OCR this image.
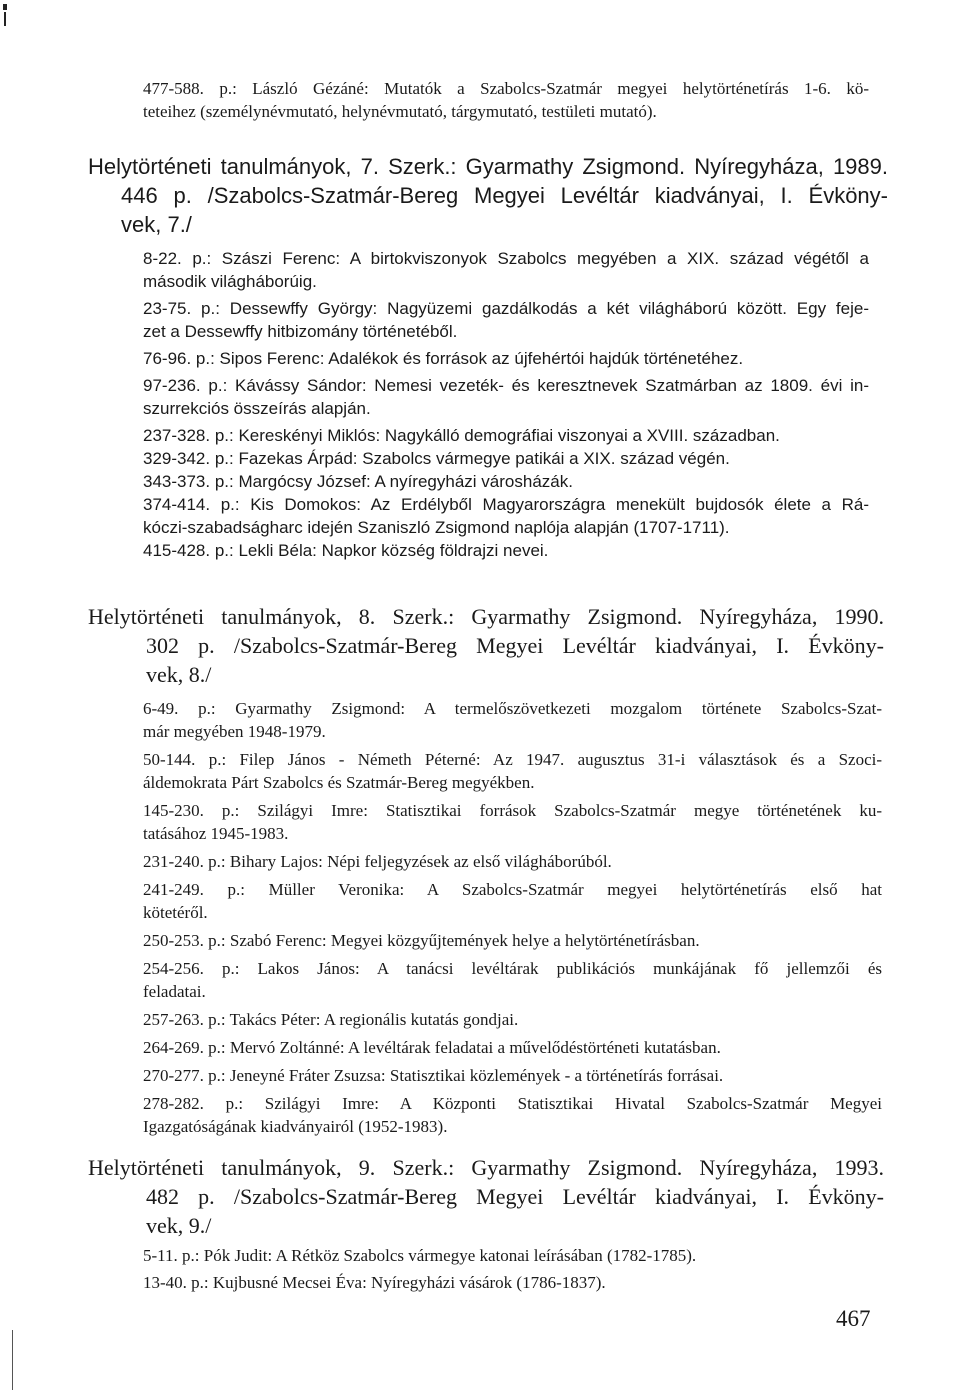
477-588. p.: László Gézáné: Mutatók a Szabolcs-Szatmár megyei helytörténetírás 1-6. kö-
teteihez (személynévmutató, helynévmutató, tárgymutató, testületi mutató).
Helytörténeti tanulmányok, 7. Szerk.: Gyarmathy Zsigmond. Nyíregyháza, 1989.
446 p. /Szabolcs-Szatmár-Bereg Megyei Levéltár kiadványai, I. Évköny-
vek, 7./
8-22. p.: Szászi Ferenc: A birtokviszonyok Szabolcs megyében a XIX. század végétől a
második világháborúig.
23-75. p.: Dessewffy György: Nagyüzemi gazdálkodás a két világháború között. Egy feje-
zet a Dessewffy hitbizomány történetéből.
76-96. p.: Sipos Ferenc: Adalékok és források az újfehértói hajdúk történetéhez.
97-236. p.: Kávássy Sándor: Nemesi vezeték- és keresztnevek Szatmárban az 1809. évi in-
szurrekciós összeírás alapján.
237-328. p.: Kereskényi Miklós: Nagykálló demográfiai viszonyai a XVIII. században.
329-342. p.: Fazekas Árpád: Szabolcs vármegye patikái a XIX. század végén.
343-373. p.: Margócsy József: A nyíregyházi városházák.
374-414. p.: Kis Domokos: Az Erdélyből Magyarországra menekült bujdosók élete a Rá-
kóczi-szabadságharc idején Szaniszló Zsigmond naplója alapján (1707-1711).
415-428. p.: Lekli Béla: Napkor község földrajzi nevei.
Helytörténeti tanulmányok, 8. Szerk.: Gyarmathy Zsigmond. Nyíregyháza, 1990.
302 p. /Szabolcs-Szatmár-Bereg Megyei Levéltár kiadványai, I. Évköny-
vek, 8./
6-49. p.: Gyarmathy Zsigmond: A termelőszövetkezeti mozgalom története Szabolcs-Szat-
már megyében 1948-1979.
50-144. p.: Filep János - Németh Péterné: Az 1947. augusztus 31-i választások és a Szoci-
áldemokrata Párt Szabolcs és Szatmár-Bereg megyékben.
145-230. p.: Szilágyi Imre: Statisztikai források Szabolcs-Szatmár megye történetének ku-
tatásához 1945-1983.
231-240. p.: Bihary Lajos: Népi feljegyzések az első világháborúból.
241-249. p.: Müller Veronika: A Szabolcs-Szatmár megyei helytörténetírás első hat
kötetéről.
250-253. p.: Szabó Ferenc: Megyei közgyűjtemények helye a helytörténetírásban.
254-256. p.: Lakos János: A tanácsi levéltárak publikációs munkájának fő jellemzői és
feladatai.
257-263. p.: Takács Péter: A regionális kutatás gondjai.
264-269. p.: Mervó Zoltánné: A levéltárak feladatai a művelődéstörténeti kutatásban.
270-277. p.: Jeneyné Fráter Zsuzsa: Statisztikai közlemények - a történetírás forrásai.
278-282. p.: Szilágyi Imre: A Központi Statisztikai Hivatal Szabolcs-Szatmár Megyei
Igazgatóságának kiadványairól (1952-1983).
Helytörténeti tanulmányok, 9. Szerk.: Gyarmathy Zsigmond. Nyíregyháza, 1993.
482 p. /Szabolcs-Szatmár-Bereg Megyei Levéltár kiadványai, I. Évköny-
vek, 9./
5-11. p.: Pók Judit: A Rétköz Szabolcs vármegye katonai leírásában (1782-1785).
13-40. p.: Kujbusné Mecsei Éva: Nyíregyházi vásárok (1786-1837).
467
